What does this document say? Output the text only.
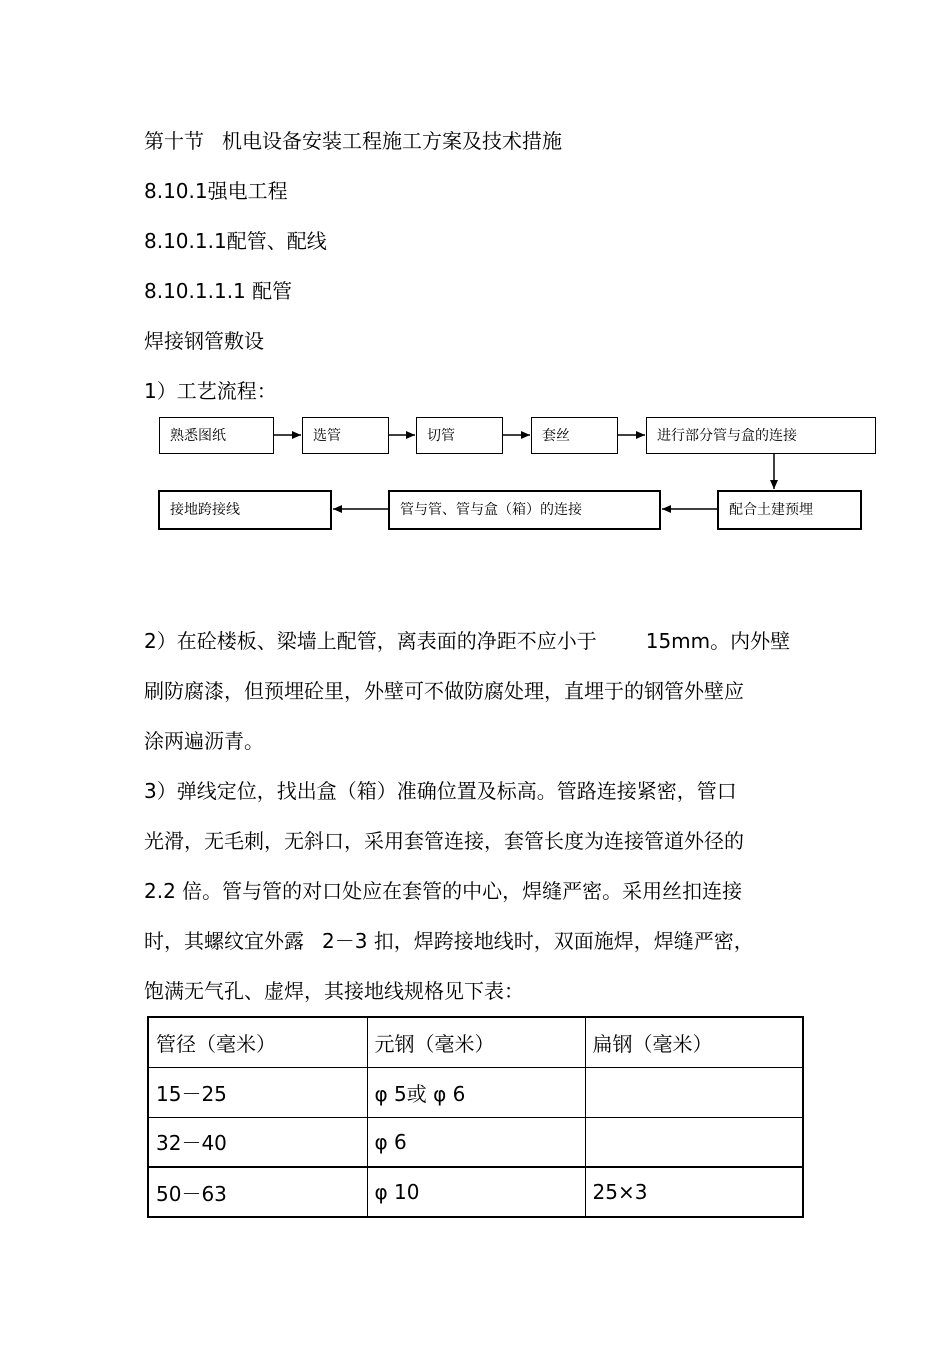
第十节 机电设备安装工程施工方案及技术措施
8.10.1强电工程
8.10.1.1配管、配线
8.10.1.1.1 配管
焊接钢管敷设
1）工艺流程：
熟悉图纸	选管	切管	套丝	进行部分管与盒的连接
配合土建预埋
管与管、管与盒（箱）的连接
接地跨接线
2）在砼楼板、梁墙上配管，离表面的净距不应小于 15mm。内外壁
刷防腐漆，但预埋砼里，外壁可不做防腐处理，直埋于的钢管外壁应
涂两遍沥青。
3）弹线定位，找出盒（箱）准确位置及标高。管路连接紧密，管口
光滑，无毛刺，无斜口，采用套管连接，套管长度为连接管道外径的
2.2 倍。管与管的对口处应在套管的中心，焊缝严密。采用丝扣连接
时，其螺纹宜外露 2－3 扣，焊跨接地线时，双面施焊，焊缝严密，
饱满无气孔、虚焊，其接地线规格见下表：
管径（毫米）	元钢（毫米）	扁钢（毫米）
15－25	φ 5或 φ 6	
32－40	φ 6	
50－63	φ 10	25×3
